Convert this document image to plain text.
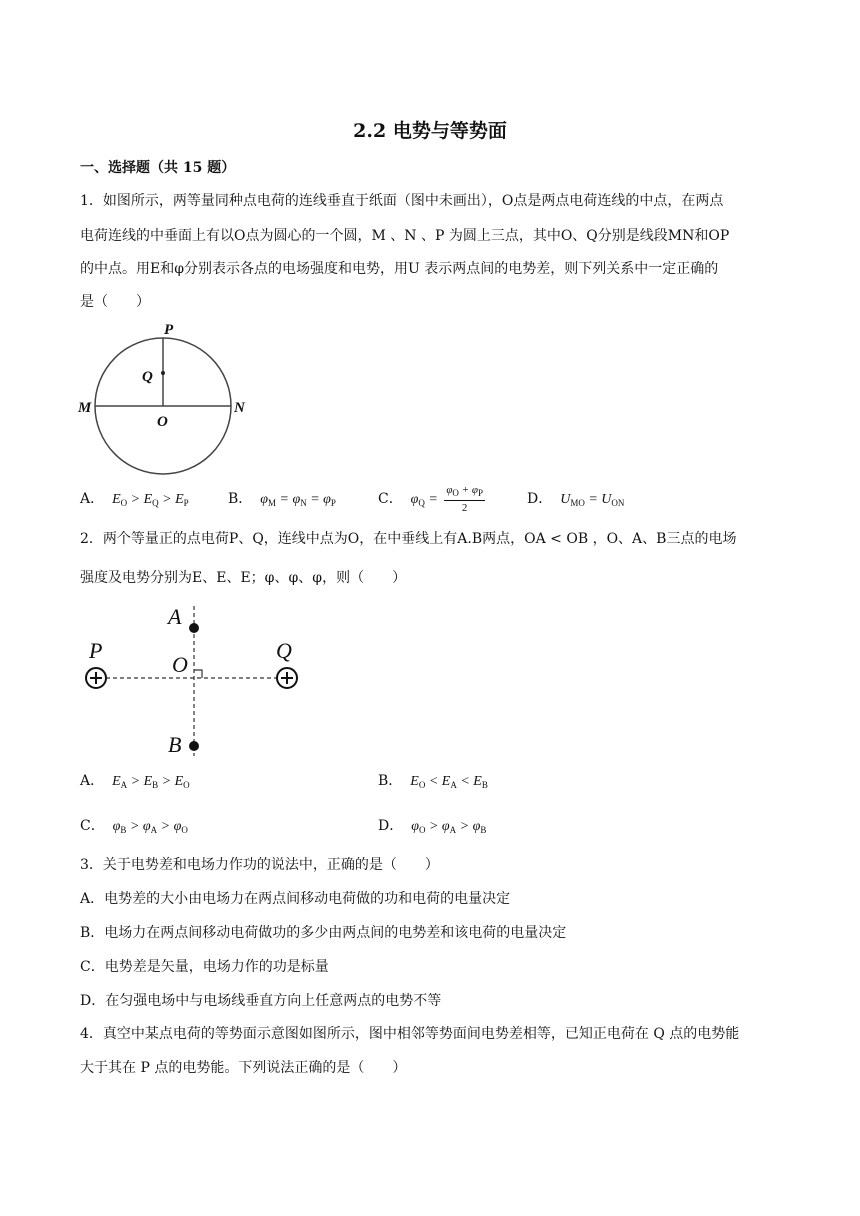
2.2 电势与等势面
一、选择题（共 15 题）
1．如图所示，两等量同种点电荷的连线垂直于纸面（图中未画出），O点是两点电荷连线的中点，在两点
电荷连线的中垂面上有以O点为圆心的一个圆，M 、N 、P 为圆上三点，其中O、Q分别是线段MN和OP
的中点。用E和φ分别表示各点的电场强度和电势，用U 表示两点间的电势差，则下列关系中一定正确的
是（　　）
P
Q
M	N
O
A．  $E_O > E_Q > E_P$	B．  $\varphi_M = \varphi_N = \varphi_P$	C．  $\varphi_Q = \frac{\varphi_O + \varphi_P}{2}$	D．  $U_{MO} = U_{ON}$
2．两个等量正的点电荷P、Q，连线中点为O，在中垂线上有A.B两点，OA < OB ，O、A、B三点的电场
强度及电势分别为E、E、E；φ、φ、φ，则（　　）
A
B
O
P	Q
A．  $E_A > E_B > E_O$	B．  $E_O < E_A < E_B$
C．  $\varphi_B > \varphi_A > \varphi_O$	D．  $\varphi_O > \varphi_A > \varphi_B$
3．关于电势差和电场力作功的说法中，正确的是（　　）
A．电势差的大小由电场力在两点间移动电荷做的功和电荷的电量决定
B．电场力在两点间移动电荷做功的多少由两点间的电势差和该电荷的电量决定
C．电势差是矢量，电场力作的功是标量
D．在匀强电场中与电场线垂直方向上任意两点的电势不等
4．真空中某点电荷的等势面示意图如图所示，图中相邻等势面间电势差相等，已知正电荷在 Q 点的电势能
大于其在 P 点的电势能。下列说法正确的是（　　）
